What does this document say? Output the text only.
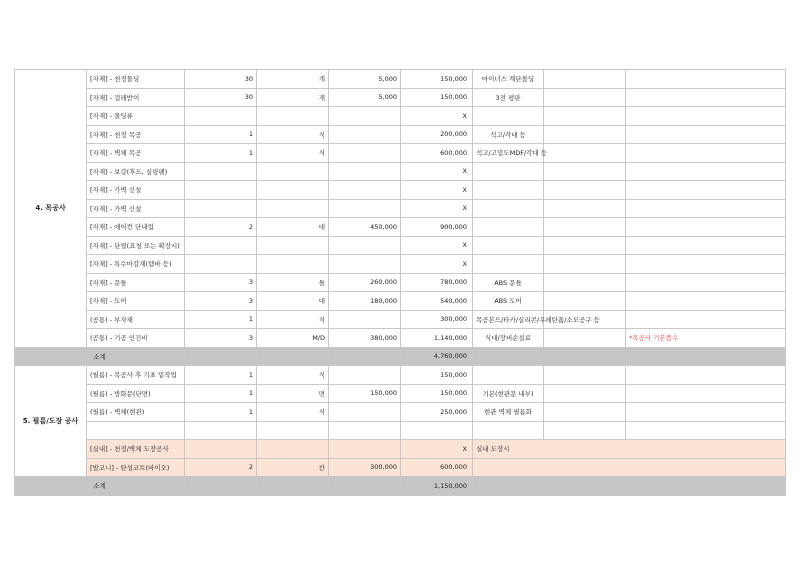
4. 목공사	[자재] - 천정몰딩	30	개	5,000	150,000	마이너스 계단몰딩		
	[자재] - 걸레받이	30	개	5,000	150,000	3전 평판		
	[자재] - 몰딩류				X			
	[자재] - 천정 목공	1	식		200,000	석고/각대 등		
	[자재] - 벽체 목공	1	식		600,000	석고/고밀도MDF/각대 등		
	[자재] - 보강(후드, 실링팬)				X			
	[자재] - 가벽 신설				X			
	[자재] - 가벽 신설				X			
	[자재] - 에어컨 단내림	2	대	450,000	900,000			
	[자재] - 단열(요청 또는 확장시)				X			
	[자재] - 특수마감재(템바 등)				X			
	[자재] - 문틀	3	틀	260,000	780,000	ABS 문틀		
	[자재] - 도어	3	대	180,000	540,000	ABS 도어		
	(공통) - 부자재	1	식		300,000	목공본드/타카/실리콘/우레탄폼/소모공구 등		
	(공통) - 기공 인건비	3	M/D	380,000	1,140,000	식대/장비손실료		*목공사 기본품수
소계					4,760,000			
5. 필름/도장 공사	(필름) - 목공사 후 기초 밑작업	1	식		150,000			
	(필름) - 방화문(단면)	1	면	150,000	150,000	기본(현관문 내부)		
	(필름) - 벽체(현관)	1	식		250,000	현관 벽체 필름화		

	[실내] - 천정/벽체 도장공사				X	실내 도장시		
	[발코니] - 탄성코트(바이오)	2	칸	300,000	600,000			
소계					1,150,000			
